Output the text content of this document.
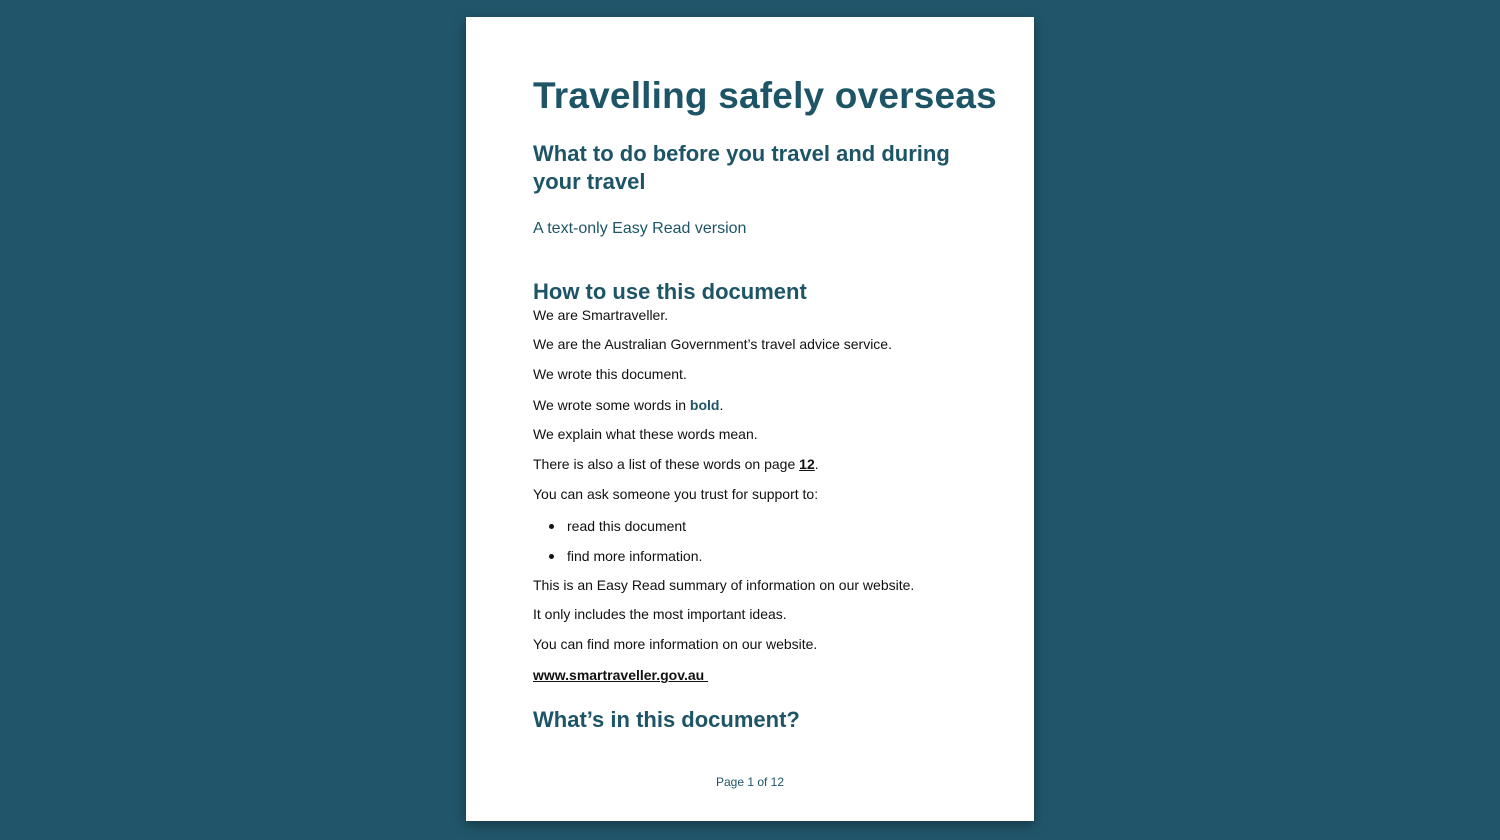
Travelling safely overseas
What to do before you travel and during your travel

A text-only Easy Read version

How to use this document

We are Smartraveller.

We are the Australian Government’s travel advice service.

We wrote this document.

We wrote some words in bold.

We explain what these words mean.

There is also a list of these words on page 12.

You can ask someone you trust for support to:

read this document

find more information.

This is an Easy Read summary of information on our website.

It only includes the most important ideas.

You can find more information on our website.

www.smartraveller.gov.au
What’s in this document?
Page 1 of 12
